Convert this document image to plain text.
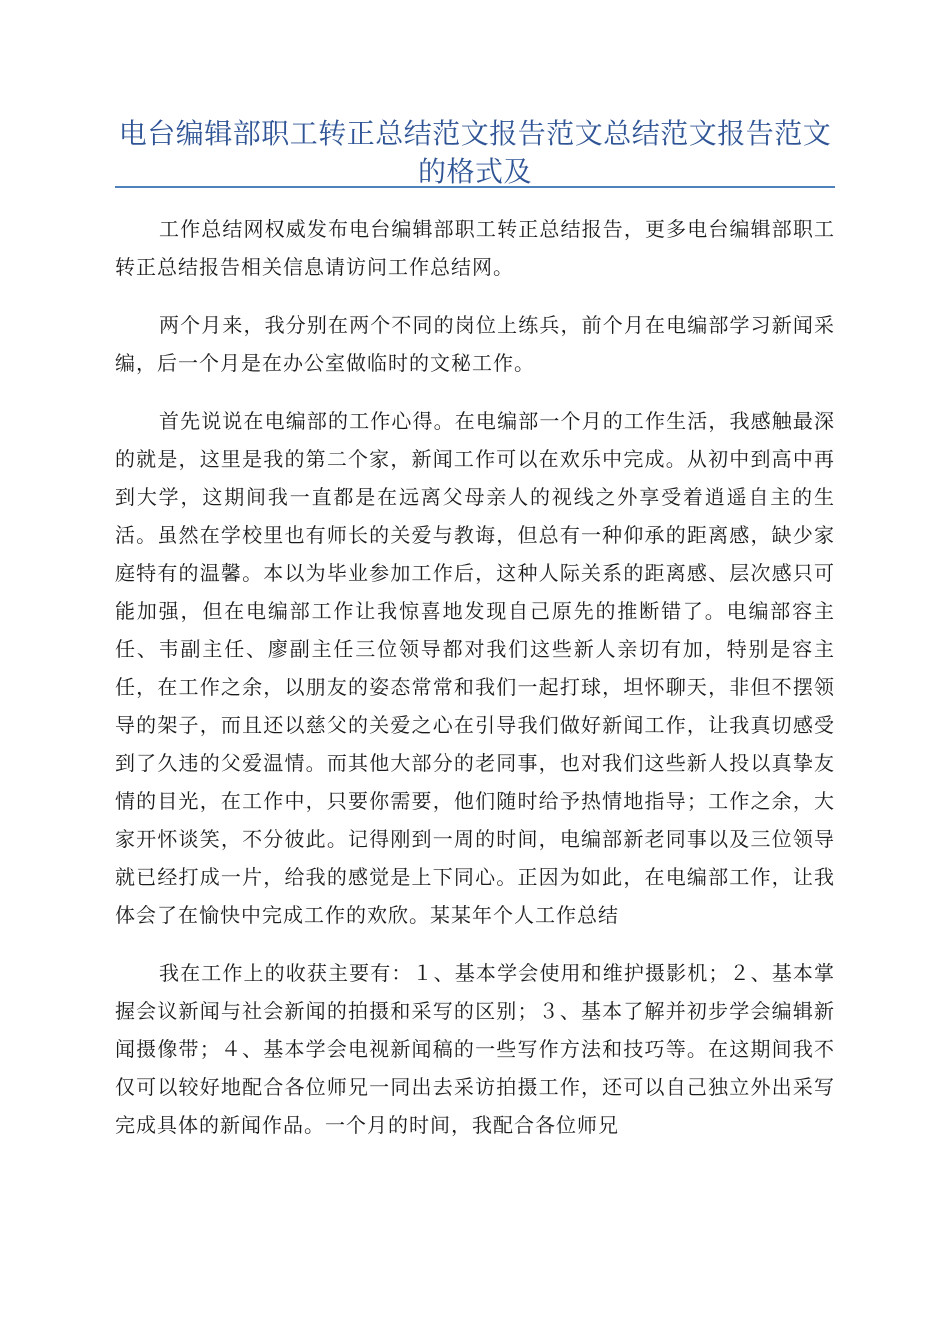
电台编辑部职工转正总结范文报告范文总结范文报告范文的格式及

工作总结网权威发布电台编辑部职工转正总结报告，更多电台编辑部职工转正总结报告相关信息请访问工作总结网。

两个月来，我分别在两个不同的岗位上练兵，前个月在电编部学习新闻采编，后一个月是在办公室做临时的文秘工作。

首先说说在电编部的工作心得。在电编部一个月的工作生活，我感触最深的就是，这里是我的第二个家，新闻工作可以在欢乐中完成。从初中到高中再到大学，这期间我一直都是在远离父母亲人的视线之外享受着逍遥自主的生活。虽然在学校里也有师长的关爱与教诲，但总有一种仰承的距离感，缺少家庭特有的温馨。本以为毕业参加工作后，这种人际关系的距离感、层次感只可能加强，但在电编部工作让我惊喜地发现自己原先的推断错了。电编部容主任、韦副主任、廖副主任三位领导都对我们这些新人亲切有加，特别是容主任，在工作之余，以朋友的姿态常常和我们一起打球，坦怀聊天，非但不摆领导的架子，而且还以慈父的关爱之心在引导我们做好新闻工作，让我真切感受到了久违的父爱温情。而其他大部分的老同事，也对我们这些新人投以真挚友情的目光，在工作中，只要你需要，他们随时给予热情地指导；工作之余，大家开怀谈笑，不分彼此。记得刚到一周的时间，电编部新老同事以及三位领导就已经打成一片，给我的感觉是上下同心。正因为如此，在电编部工作，让我体会了在愉快中完成工作的欢欣。某某年个人工作总结

我在工作上的收获主要有：１、基本学会使用和维护摄影机；２、基本掌握会议新闻与社会新闻的拍摄和采写的区别；３、基本了解并初步学会编辑新闻摄像带；４、基本学会电视新闻稿的一些写作方法和技巧等。在这期间我不仅可以较好地配合各位师兄一同出去采访拍摄工作，还可以自己独立外出采写完成具体的新闻作品。一个月的时间，我配合各位师兄
